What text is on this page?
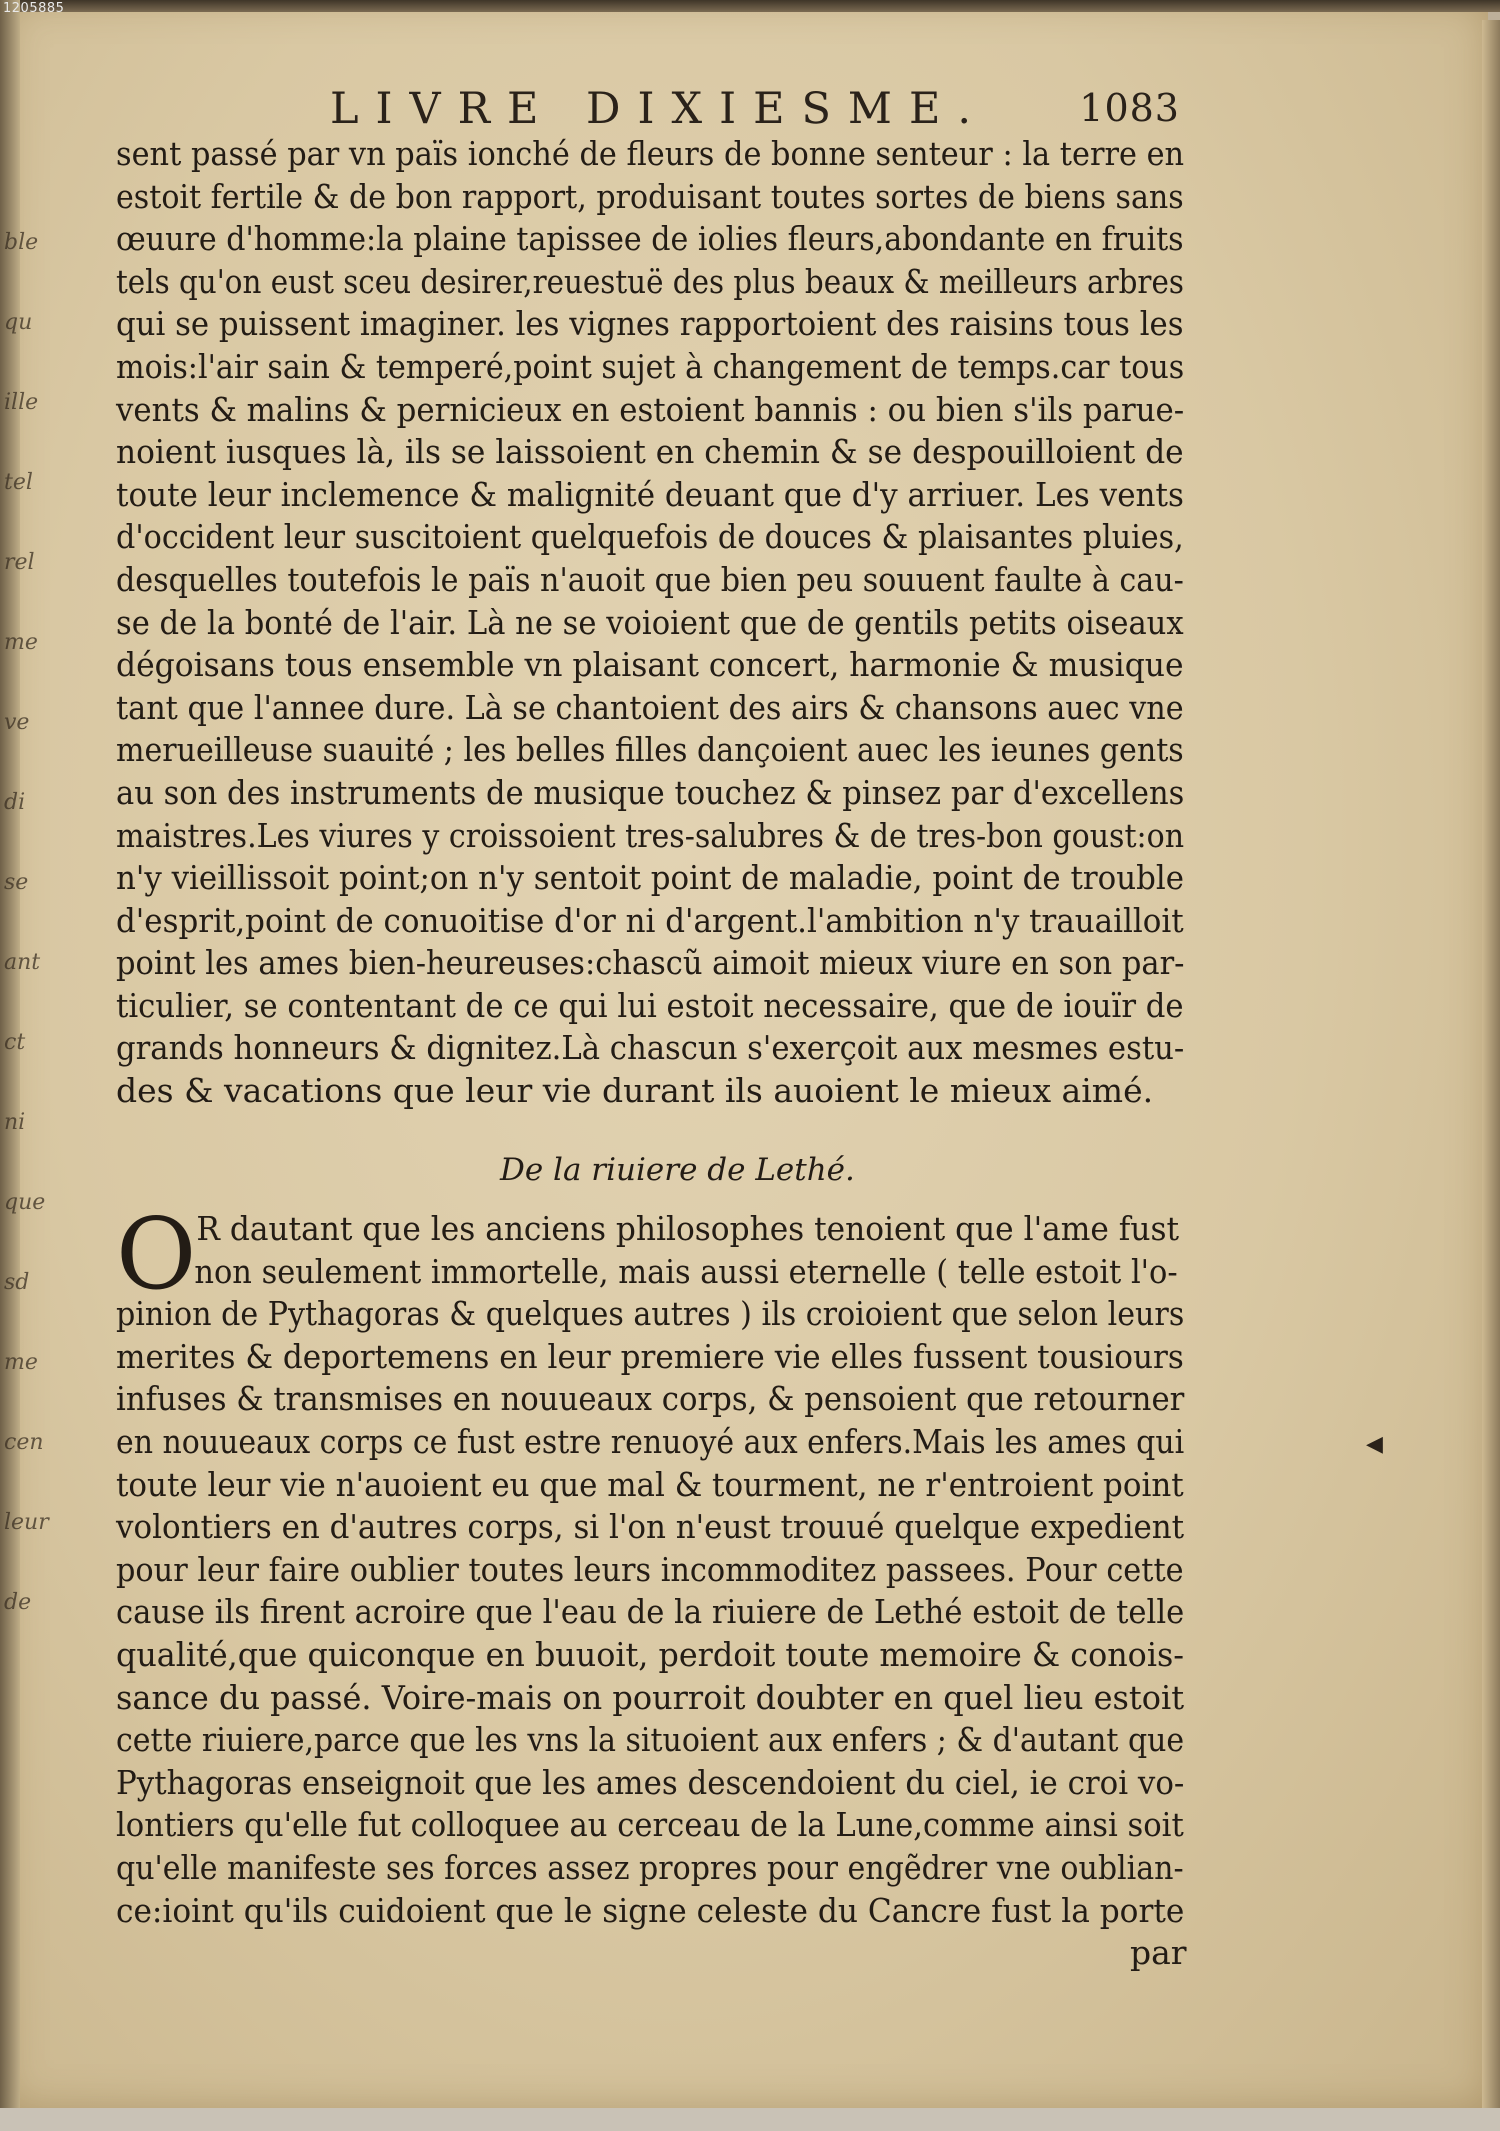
1205885
ble
qu
ille
tel
rel
me
ve
di
se
ant
ct
ni
que
sd
me
cen
leur
de
LIVRE DIXIESME. 1083
sent passé par vn païs ionché de fleurs de bonne senteur : la terre en
estoit fertile & de bon rapport, produisant toutes sortes de biens sans
œuure d'homme:la plaine tapissee de iolies fleurs,abondante en fruits
tels qu'on eust sceu desirer,reuestuë des plus beaux & meilleurs arbres
qui se puissent imaginer. les vignes rapportoient des raisins tous les
mois:l'air sain & temperé,point sujet à changement de temps.car tous
vents & malins & pernicieux en estoient bannis : ou bien s'ils parue-
noient iusques là, ils se laissoient en chemin & se despouilloient de
toute leur inclemence & malignité deuant que d'y arriuer. Les vents
d'occident leur suscitoient quelquefois de douces & plaisantes pluies,
desquelles toutefois le païs n'auoit que bien peu souuent faulte à cau-
se de la bonté de l'air. Là ne se voioient que de gentils petits oiseaux
dégoisans tous ensemble vn plaisant concert, harmonie & musique
tant que l'annee dure. Là se chantoient des airs & chansons auec vne
merueilleuse suauité ; les belles filles dançoient auec les ieunes gents
au son des instruments de musique touchez & pinsez par d'excellens
maistres.Les viures y croissoient tres-salubres & de tres-bon goust:on
n'y vieillissoit point;on n'y sentoit point de maladie, point de trouble
d'esprit,point de conuoitise d'or ni d'argent.l'ambition n'y trauailloit
point les ames bien-heureuses:chascũ aimoit mieux viure en son par-
ticulier, se contentant de ce qui lui estoit necessaire, que de iouïr de
grands honneurs & dignitez.Là chascun s'exerçoit aux mesmes estu-
des & vacations que leur vie durant ils auoient le mieux aimé.
De la riuiere de Lethé.
O R dautant que les anciens philosophes tenoient que l'ame fust
non seulement immortelle, mais aussi eternelle ( telle estoit l'o-
pinion de Pythagoras & quelques autres ) ils croioient que selon leurs
merites & deportemens en leur premiere vie elles fussent tousiours
infuses & transmises en nouueaux corps, & pensoient que retourner
en nouueaux corps ce fust estre renuoyé aux enfers.Mais les ames qui
toute leur vie n'auoient eu que mal & tourment, ne r'entroient point
volontiers en d'autres corps, si l'on n'eust trouué quelque expedient
pour leur faire oublier toutes leurs incommoditez passees. Pour cette
cause ils firent acroire que l'eau de la riuiere de Lethé estoit de telle
qualité,que quiconque en buuoit, perdoit toute memoire & conois-
sance du passé. Voire-mais on pourroit doubter en quel lieu estoit
cette riuiere,parce que les vns la situoient aux enfers ; & d'autant que
Pythagoras enseignoit que les ames descendoient du ciel, ie croi vo-
lontiers qu'elle fut colloquee au cerceau de la Lune,comme ainsi soit
qu'elle manifeste ses forces assez propres pour engẽdrer vne oublian-
ce:ioint qu'ils cuidoient que le signe celeste du Cancre fust la porte
◀
par
